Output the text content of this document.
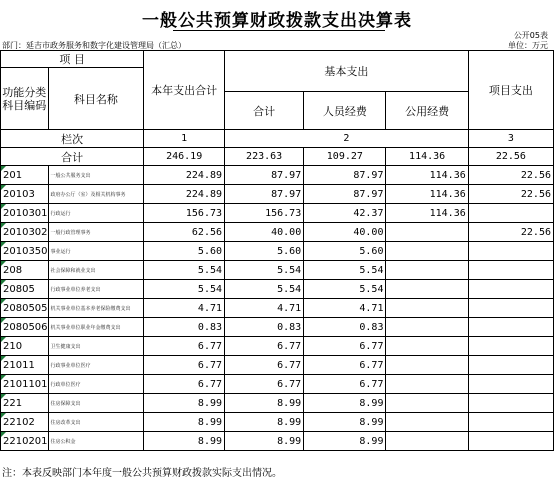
一般公共预算财政拨款支出决算表
公开05表
部门：延吉市政务服务和数字化建设管理局（汇总）	单位：万元
项 目		本年支出合计	基本支出			项目支出
功能分类科目编码	科目名称					
			合计	人员经费	公用经费	
栏次		1	2			3
合计		246.19	223.63	109.27	114.36	22.56
201	一般公共服务支出	224.89	87.97	87.97	114.36	22.56
20103	政府办公厅（室）及相关机构事务	224.89	87.97	87.97	114.36	22.56
2010301	行政运行	156.73	156.73	42.37	114.36	
2010302	一般行政管理事务	62.56	40.00	40.00		22.56
2010350	事业运行	5.60	5.60	5.60		
208	社会保障和就业支出	5.54	5.54	5.54		
20805	行政事业单位养老支出	5.54	5.54	5.54		
2080505	机关事业单位基本养老保险缴费支出	4.71	4.71	4.71		
2080506	机关事业单位职业年金缴费支出	0.83	0.83	0.83		
210	卫生健康支出	6.77	6.77	6.77		
21011	行政事业单位医疗	6.77	6.77	6.77		
2101101	行政单位医疗	6.77	6.77	6.77		
221	住房保障支出	8.99	8.99	8.99		
22102	住房改革支出	8.99	8.99	8.99		
2210201	住房公积金	8.99	8.99	8.99		
注：本表反映部门本年度一般公共预算财政拨款实际支出情况。
